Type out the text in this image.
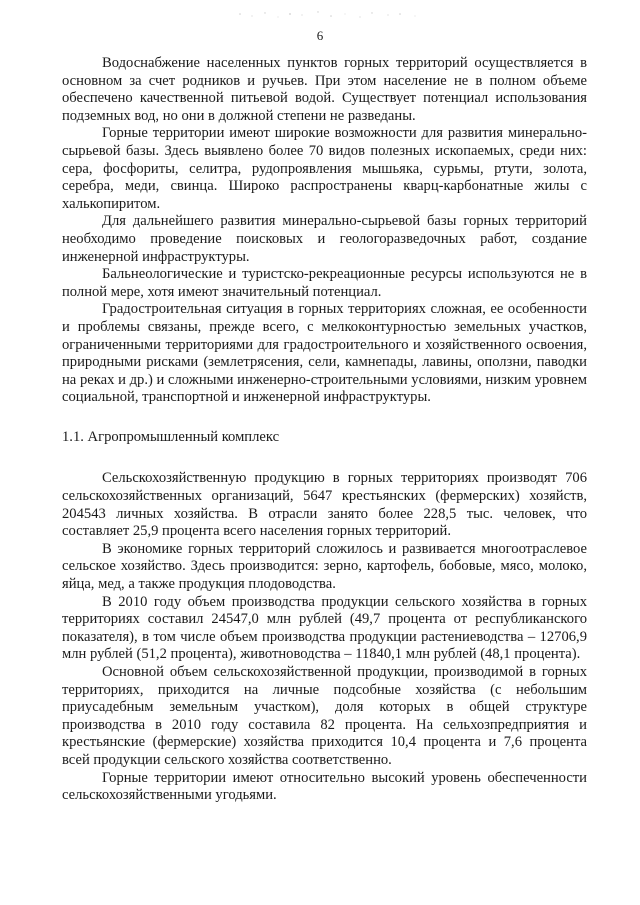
6

Водоснабжение населенных пунктов горных территорий осуществляется в основном за счет родников и ручьев. При этом население не в полном объеме обеспечено качественной питьевой водой. Существует потенциал использования подземных вод, но они в должной степени не разведаны.

Горные территории имеют широкие возможности для развития минерально-сырьевой базы. Здесь выявлено более 70 видов полезных ископаемых, среди них: сера, фосфориты, селитра, рудопроявления мышьяка, сурьмы, ртути, золота, серебра, меди, свинца. Широко распространены кварц-карбонатные жилы с халькопиритом.

Для дальнейшего развития минерально-сырьевой базы горных территорий необходимо проведение поисковых и геологоразведочных работ, создание инженерной инфраструктуры.

Бальнеологические и туристско-рекреационные ресурсы используются не в полной мере, хотя имеют значительный потенциал.

Градостроительная ситуация в горных территориях сложная, ее особенности и проблемы связаны, прежде всего, с мелкоконтурностью земельных участков, ограниченными территориями для градостроительного и хозяйственного освоения, природными рисками (землетрясения, сели, камнепады, лавины, оползни, паводки на реках и др.) и сложными инженерно-строительными условиями, низким уровнем социальной, транспортной и инженерной инфраструктуры.

1.1. Агропромышленный комплекс

Сельскохозяйственную продукцию в горных территориях производят 706 сельскохозяйственных организаций, 5647 крестьянских (фермерских) хозяйств, 204543 личных хозяйства. В отрасли занято более 228,5 тыс. человек, что составляет 25,9 процента всего населения горных территорий.

В экономике горных территорий сложилось и развивается многоотраслевое сельское хозяйство. Здесь производится: зерно, картофель, бобовые, мясо, молоко, яйца, мед, а также продукция плодоводства.

В 2010 году объем производства продукции сельского хозяйства в горных территориях составил 24547,0 млн рублей (49,7 процента от республиканского показателя), в том числе объем производства продукции растениеводства – 12706,9 млн рублей (51,2 процента), животноводства – 11840,1 млн рублей (48,1 процента).

Основной объем сельскохозяйственной продукции, производимой в горных территориях, приходится на личные подсобные хозяйства (с небольшим приусадебным земельным участком), доля которых в общей структуре производства в 2010 году составила 82 процента. На сельхозпредприятия и крестьянские (фермерские) хозяйства приходится 10,4 процента и 7,6 процента всей продукции сельского хозяйства соответственно.

Горные территории имеют относительно высокий уровень обеспеченности сельскохозяйственными угодьями.
